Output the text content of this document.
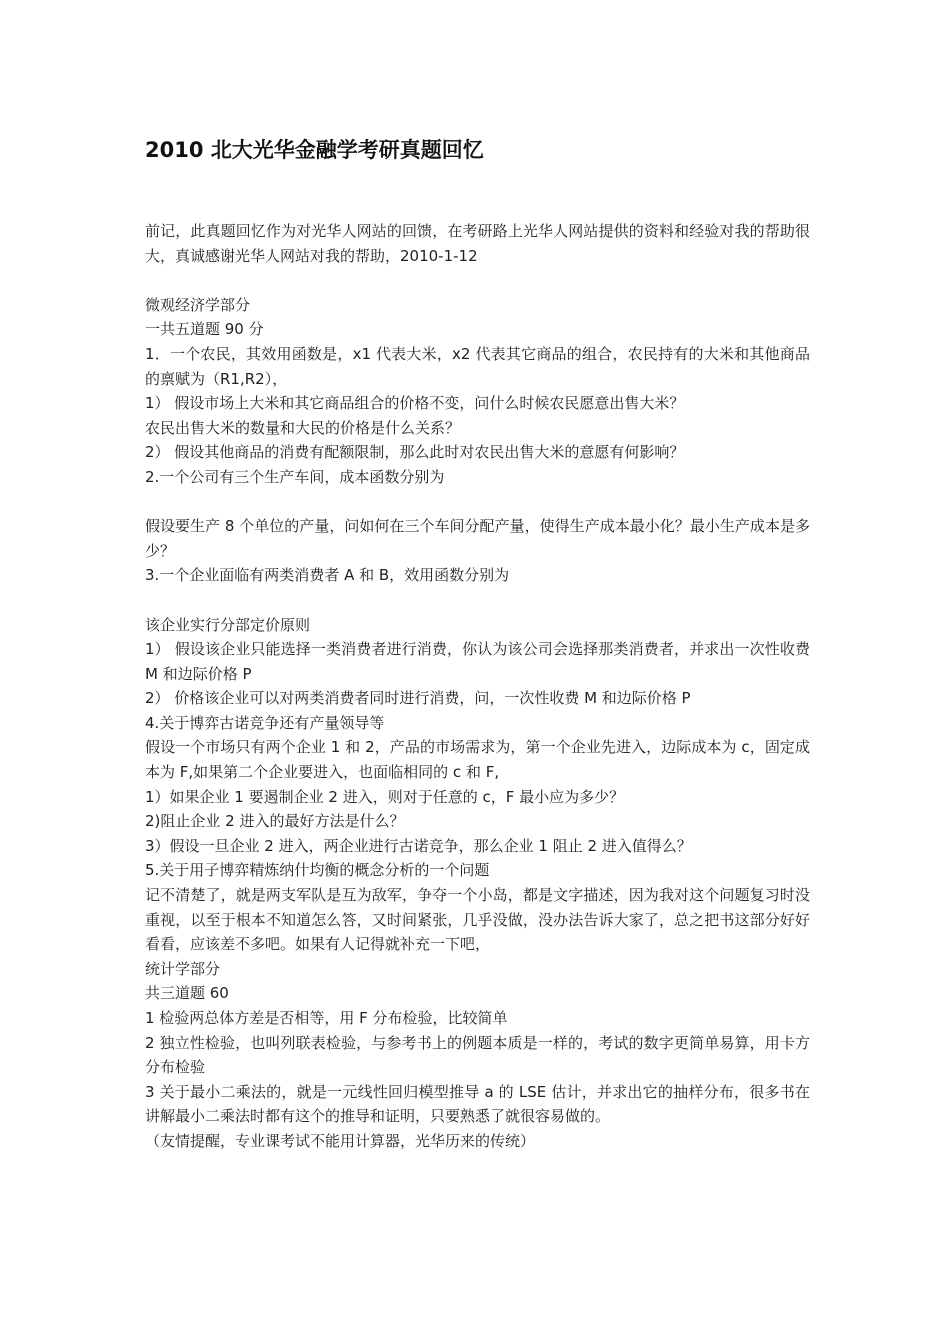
2010 北大光华金融学考研真题回忆

前记，此真题回忆作为对光华人网站的回馈，在考研路上光华人网站提供的资料和经验对我的帮助很大，真诚感谢光华人网站对我的帮助，2010-1-12

微观经济学部分

一共五道题 90 分

1．一个农民，其效用函数是，x1 代表大米，x2 代表其它商品的组合，农民持有的大米和其他商品的禀赋为（R1,R2），

1） 假设市场上大米和其它商品组合的价格不变，问什么时候农民愿意出售大米？

农民出售大米的数量和大民的价格是什么关系？

2） 假设其他商品的消费有配额限制，那么此时对农民出售大米的意愿有何影响？

2.一个公司有三个生产车间，成本函数分别为

假设要生产 8 个单位的产量，问如何在三个车间分配产量，使得生产成本最小化？最小生产成本是多少？

3.一个企业面临有两类消费者 A 和 B，效用函数分别为

该企业实行分部定价原则

1） 假设该企业只能选择一类消费者进行消费，你认为该公司会选择那类消费者，并求出一次性收费 M 和边际价格 P

2） 价格该企业可以对两类消费者同时进行消费，问，一次性收费 M 和边际价格 P

4.关于博弈古诺竞争还有产量领导等

假设一个市场只有两个企业 1 和 2，产品的市场需求为，第一个企业先进入，边际成本为 c，固定成本为 F,如果第二个企业要进入，也面临相同的 c 和 F,

1）如果企业 1 要遏制企业 2 进入，则对于任意的 c，F 最小应为多少？

2)阻止企业 2 进入的最好方法是什么？

3）假设一旦企业 2 进入，两企业进行古诺竞争，那么企业 1 阻止 2 进入值得么？

5.关于用子博弈精炼纳什均衡的概念分析的一个问题

记不清楚了，就是两支军队是互为敌军，争夺一个小岛，都是文字描述，因为我对这个问题复习时没重视，以至于根本不知道怎么答，又时间紧张，几乎没做，没办法告诉大家了，总之把书这部分好好看看，应该差不多吧。如果有人记得就补充一下吧，

统计学部分

共三道题 60

1 检验两总体方差是否相等，用 F 分布检验，比较简单

2 独立性检验，也叫列联表检验，与参考书上的例题本质是一样的，考试的数字更简单易算，用卡方分布检验

3 关于最小二乘法的，就是一元线性回归模型推导 a 的 LSE 估计，并求出它的抽样分布，很多书在讲解最小二乘法时都有这个的推导和证明，只要熟悉了就很容易做的。

（友情提醒，专业课考试不能用计算器，光华历来的传统）
